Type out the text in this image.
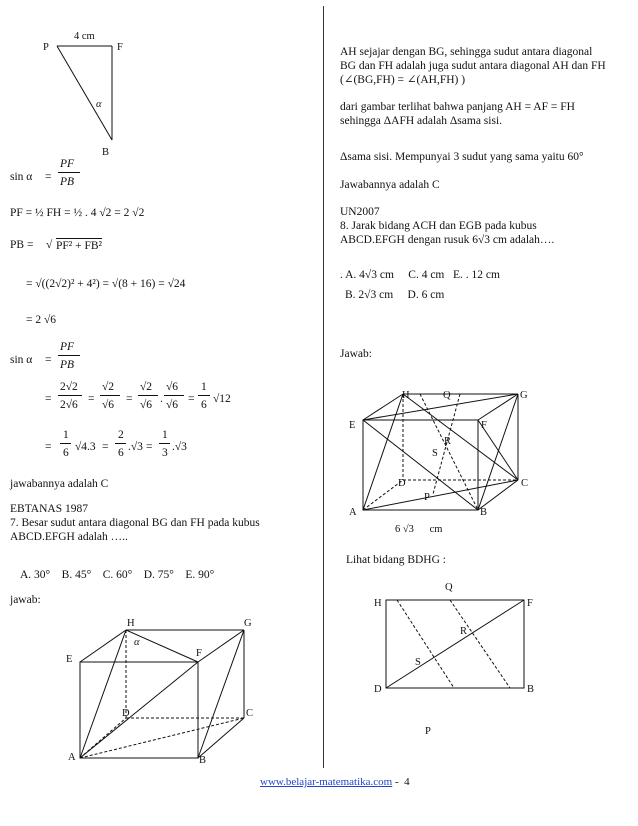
4 cm
P	F
B
α
sin α =
PF
PB
PF = ½ FH = ½ . 4 √2 = 2 √2
PB = √ PF² + FB²
= √((2√2)² + 4²) = √(8 + 16) = √24
= 2 √6
sin α =
PF
PB
=
2√2
2√6 =
√2
√6 =
√2
√6 .
√6
√6 =
1
6 √12
=
1
6 √4.3 =
2
6 .√3 =
1
3 .√3
jawabannya adalah C
EBTANAS 1987
7. Besar sudut antara diagonal BG dan FH pada kubus
ABCD.EFGH adalah …..
A. 30° B. 45° C. 60° D. 75° E. 90°
jawab:
H	G
E
F
D	C
A	B
α
AH sejajar dengan BG, sehingga sudut antara diagonal
BG dan FH adalah juga sudut antara diagonal AH dan FH
(∠(BG,FH) = ∠(AH,FH) )
dari gambar terlihat bahwa panjang AH = AF = FH
sehingga ΔAFH adalah Δsama sisi.
Δsama sisi. Mempunyai 3 sudut yang sama yaitu 60°
Jawabannya adalah C
UN2007
8. Jarak bidang ACH dan EGB pada kubus
ABCD.EFGH dengan rusuk 6√3 cm adalah….
. A. 4√3 cm     C. 4 cm   E. . 12 cm
B. 2√3 cm     D. 6 cm
Jawab:
H	Q	G
E	F
R
S
D	C
P
A	B
6 √3      cm
Lihat bidang BDHG :
Q
H	F
R
S
D	B
P
www.belajar-matematika.com -  4
